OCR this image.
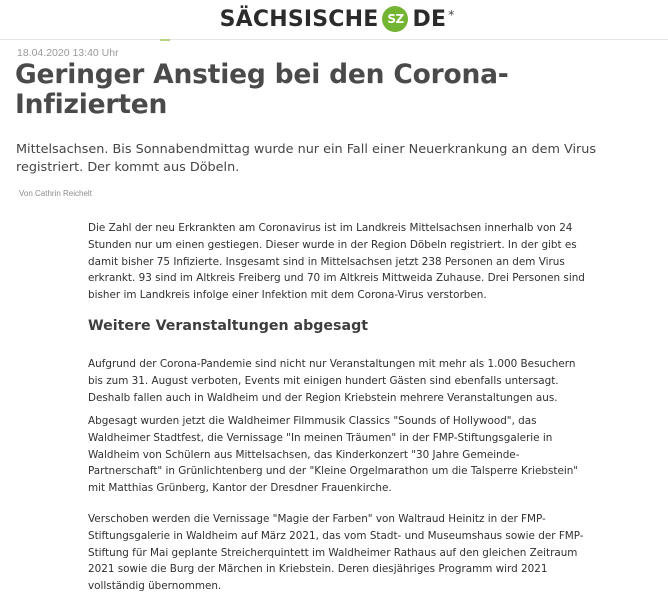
SÄCHSISCHE SZ DE *
18.04.2020 13:40 Uhr
Geringer Anstieg bei den Corona-
Infizierten

Mittelsachsen. Bis Sonnabendmittag wurde nur ein Fall einer Neuerkrankung an dem Virus registriert. Der kommt aus Döbeln.

Von Cathrin Reichelt

Die Zahl der neu Erkrankten am Coronavirus ist im Landkreis Mittelsachsen innerhalb von 24 Stunden nur um einen gestiegen. Dieser wurde in der Region Döbeln registriert. In der gibt es damit bisher 75 Infizierte. Insgesamt sind in Mittelsachsen jetzt 238 Personen an dem Virus erkrankt. 93 sind im Altkreis Freiberg und 70 im Altkreis Mittweida Zuhause. Drei Personen sind bisher im Landkreis infolge einer Infektion mit dem Corona-Virus verstorben.

Weitere Veranstaltungen abgesagt

Aufgrund der Corona-Pandemie sind nicht nur Veranstaltungen mit mehr als 1.000 Besuchern bis zum 31. August verboten, Events mit einigen hundert Gästen sind ebenfalls untersagt. Deshalb fallen auch in Waldheim und der Region Kriebstein mehrere Veranstaltungen aus.

Abgesagt wurden jetzt die Waldheimer Filmmusik Classics "Sounds of Hollywood", das Waldheimer Stadtfest, die Vernissage "In meinen Träumen" in der FMP-Stiftungsgalerie in Waldheim von Schülern aus Mittelsachsen, das Kinderkonzert "30 Jahre Gemeinde-Partnerschaft" in Grünlichtenberg und der "Kleine Orgelmarathon um die Talsperre Kriebstein" mit Matthias Grünberg, Kantor der Dresdner Frauenkirche.

Verschoben werden die Vernissage "Magie der Farben" von Waltraud Heinitz in der FMP-Stiftungsgalerie in Waldheim auf März 2021, das vom Stadt- und Museumshaus sowie der FMP-Stiftung für Mai geplante Streicherquintett im Waldheimer Rathaus auf den gleichen Zeitraum 2021 sowie die Burg der Märchen in Kriebstein. Deren diesjähriges Programm wird 2021 vollständig übernommen.
